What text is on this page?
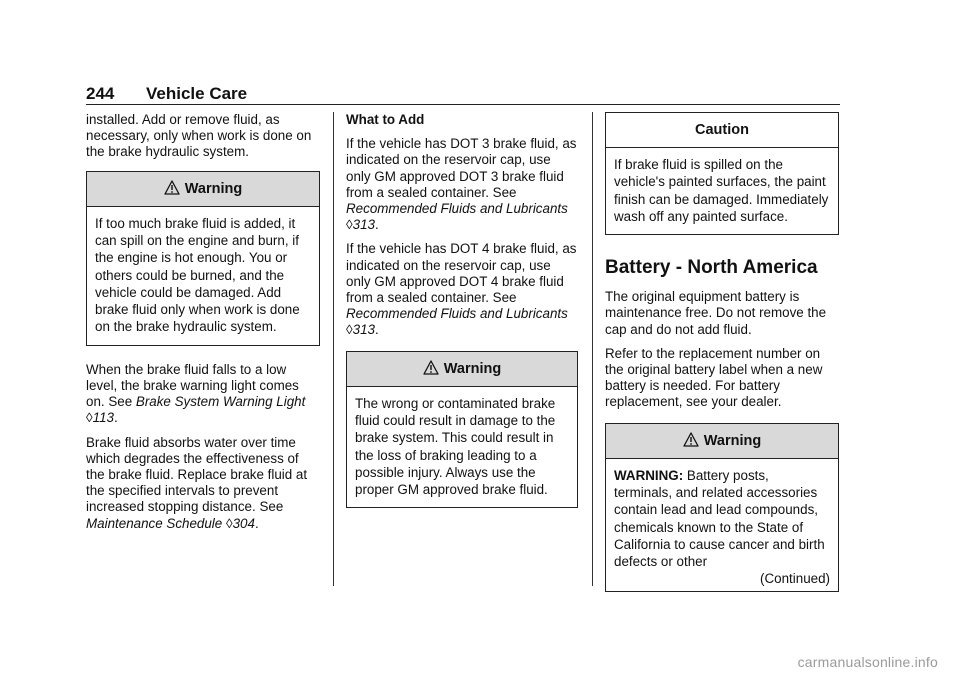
244 Vehicle Care

installed. Add or remove fluid, as necessary, only when work is done on the brake hydraulic system.

Warning
If too much brake fluid is added, it can spill on the engine and burn, if the engine is hot enough. You or others could be burned, and the vehicle could be damaged. Add brake fluid only when work is done on the brake hydraulic system.

When the brake fluid falls to a low level, the brake warning light comes on. See Brake System Warning Light ◊113.

Brake fluid absorbs water over time which degrades the effectiveness of the brake fluid. Replace brake fluid at the specified intervals to prevent increased stopping distance. See Maintenance Schedule ◊304.

What to Add

If the vehicle has DOT 3 brake fluid, as indicated on the reservoir cap, use only GM approved DOT 3 brake fluid from a sealed container. See Recommended Fluids and Lubricants ◊313.

If the vehicle has DOT 4 brake fluid, as indicated on the reservoir cap, use only GM approved DOT 4 brake fluid from a sealed container. See Recommended Fluids and Lubricants ◊313.

Warning
The wrong or contaminated brake fluid could result in damage to the brake system. This could result in the loss of braking leading to a possible injury. Always use the proper GM approved brake fluid.
Caution
If brake fluid is spilled on the vehicle's painted surfaces, the paint finish can be damaged. Immediately wash off any painted surface.
Battery - North America

The original equipment battery is maintenance free. Do not remove the cap and do not add fluid.

Refer to the replacement number on the original battery label when a new battery is needed. For battery replacement, see your dealer.

Warning
WARNING: Battery posts, terminals, and related accessories contain lead and lead compounds, chemicals known to the State of California to cause cancer and birth defects or other
(Continued)
carmanualsonline.info
